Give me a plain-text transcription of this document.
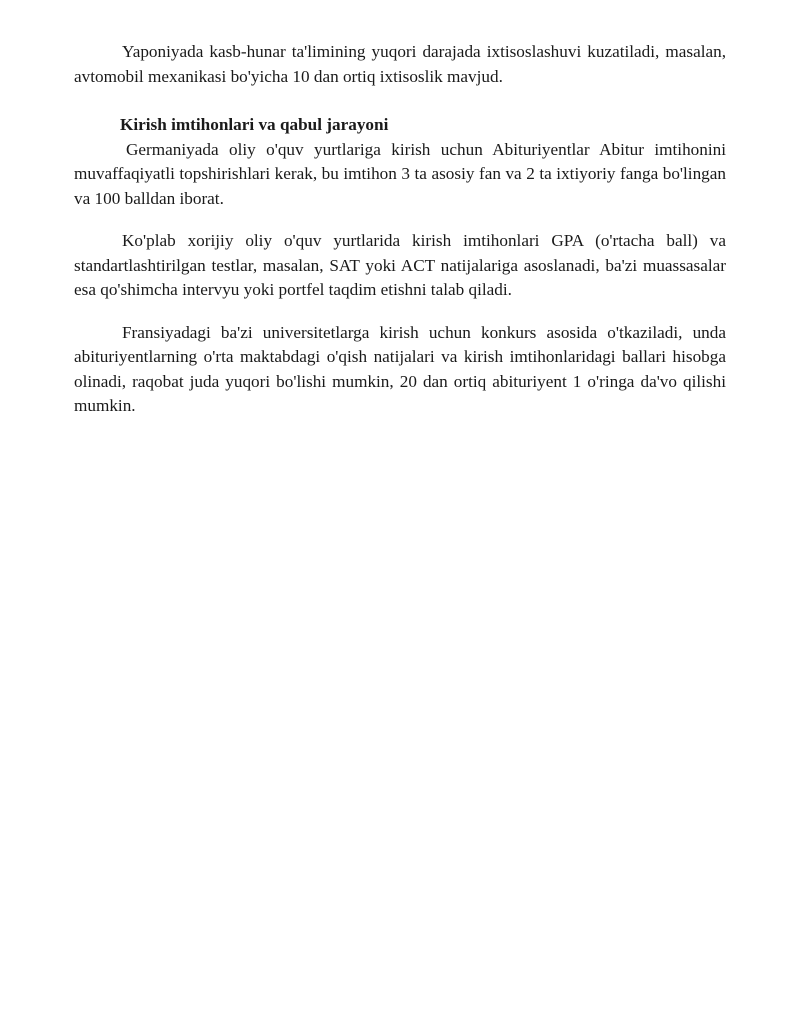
Yaponiyada kasb-hunar ta'limining yuqori darajada ixtisoslashuvi kuzatiladi, masalan, avtomobil mexanikasi bo'yicha 10 dan ortiq ixtisoslik mavjud.

Kirish imtihonlari va qabul jarayoni

Germaniyada oliy o'quv yurtlariga kirish uchun Abituriyentlar Abitur imtihonini muvaffaqiyatli topshirishlari kerak, bu imtihon 3 ta asosiy fan va 2 ta ixtiyoriy fanga bo'lingan va 100 balldan iborat.

Ko'plab xorijiy oliy o'quv yurtlarida kirish imtihonlari GPA (o'rtacha ball) va standartlashtirilgan testlar, masalan, SAT yoki ACT natijalariga asoslanadi, ba'zi muassasalar esa qo'shimcha intervyu yoki portfel taqdim etishni talab qiladi.

Fransiyadagi ba'zi universitetlarga kirish uchun konkurs asosida o'tkaziladi, unda abituriyentlarning o'rta maktabdagi o'qish natijalari va kirish imtihonlaridagi ballari hisobga olinadi, raqobat juda yuqori bo'lishi mumkin, 20 dan ortiq abituriyent 1 o'ringa da'vo qilishi mumkin.
